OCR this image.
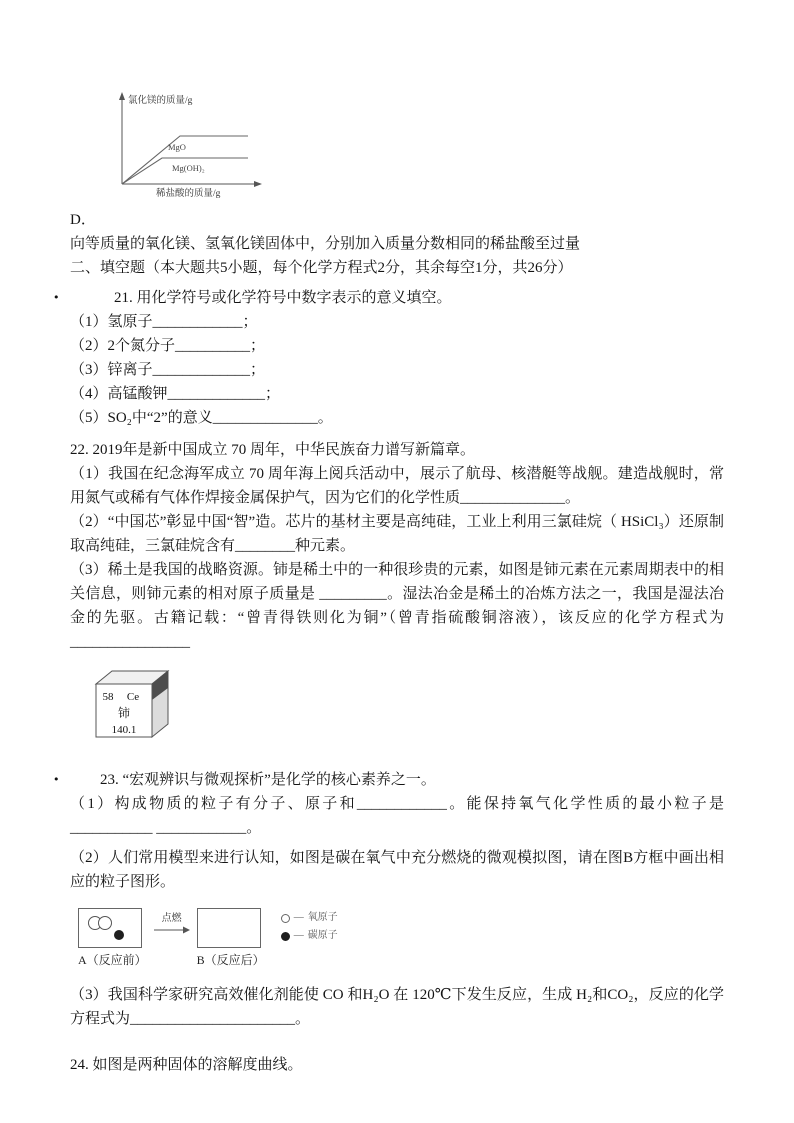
氯化镁的质量/g
MgO
Mg(OH)₂
稀盐酸的质量/g

D．

向等质量的氧化镁、氢氧化镁固体中，分别加入质量分数相同的稀盐酸至过量

二、填空题（本大题共5小题，每个化学方程式2分，其余每空1分，共26分）

•	21. 用化学符号或化学符号中数字表示的意义填空。

（1）氢原子____________；

（2）2个氮分子__________；

（3）锌离子_____________；

（4）高锰酸钾_____________；

（5）SO₂中“2”的意义______________。

22. 2019年是新中国成立 70 周年，中华民族奋力谱写新篇章。

（1）我国在纪念海军成立 70 周年海上阅兵活动中，展示了航母、核潜艇等战舰。建造战舰时，常用氮气或稀有气体作焊接金属保护气，因为它们的化学性质______________。

（2）“中国芯”彰显中国“智”造。芯片的基材主要是高纯硅，工业上利用三氯硅烷（ HSiCl₃）还原制取高纯硅，三氯硅烷含有________种元素。

（3）稀土是我国的战略资源。铈是稀土中的一种很珍贵的元素，如图是铈元素在元素周期表中的相关信息，则铈元素的相对原子质量是 _________。湿法冶金是稀土的冶炼方法之一，我国是湿法冶金的先驱。古籍记载：“曾青得铁则化为铜”（曾青指硫酸铜溶液），该反应的化学方程式为________________

58 Ce
铈
140.1

•	23. “宏观辨识与微观探析”是化学的核心素养之一。

（1）构成物质的粒子有分子、原子和____________。能保持氧气化学性质的最小粒子是___________ ____________。

（2）人们常用模型来进行认知，如图是碳在氧气中充分燃烧的微观模拟图，请在图B方框中画出相应的粒子图形。

A（反应前）
点燃
B（反应后）
— 氧原子
— 碳原子

（3）我国科学家研究高效催化剂能使 CO 和H₂O 在 120℃下发生反应，生成 H₂和CO₂，反应的化学方程式为______________________。

24. 如图是两种固体的溶解度曲线。
